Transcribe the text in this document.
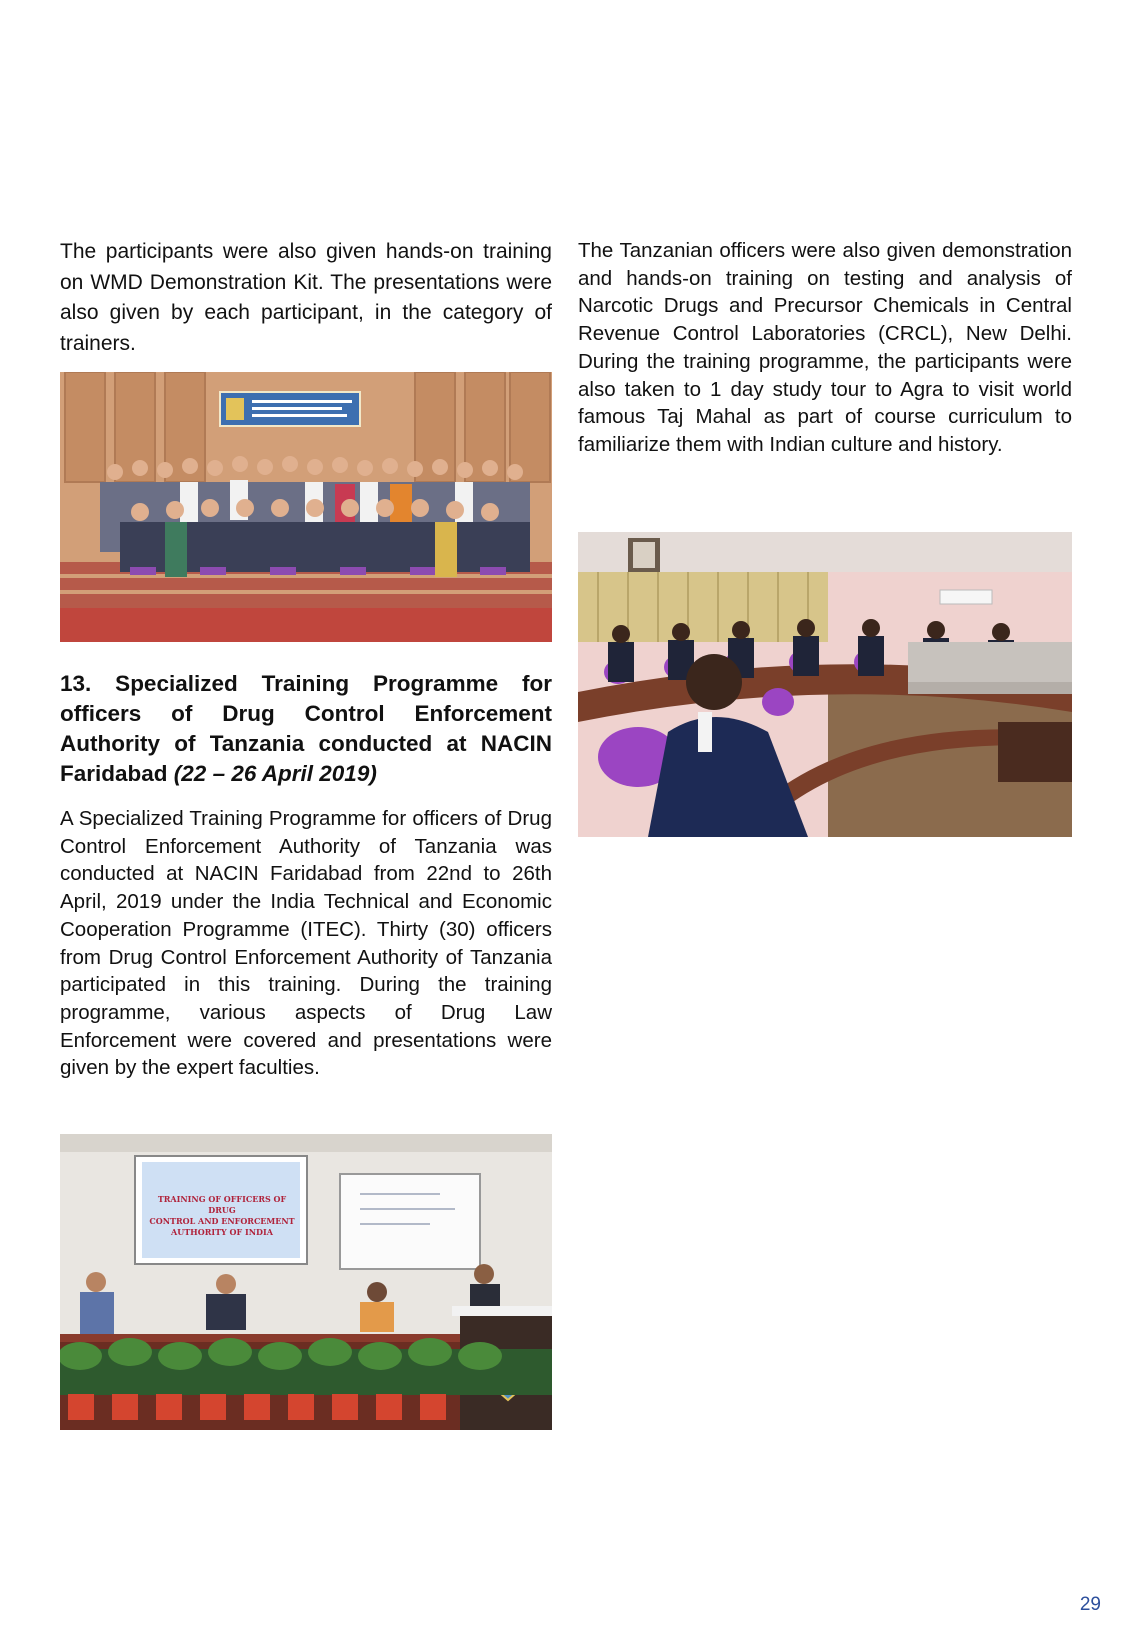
The participants were also given hands-on training on WMD Demonstration Kit. The presentations were also given by each participant, in the category of trainers.

13. Specialized Training Programme for officers of Drug Control Enforcement Authority of Tanzania conducted at NACIN Faridabad (22 – 26 April 2019)

A Specialized Training Programme for officers of Drug Control Enforcement Authority of Tanzania was conducted at NACIN Faridabad from 22nd to 26th April, 2019 under the India Technical and Economic Cooperation Programme (ITEC). Thirty (30) officers from Drug Control Enforcement Authority of Tanzania participated in this training. During the training programme, various aspects of Drug Law Enforcement were covered and presentations were given by the expert faculties.

TRAINING OF OFFICERS OF DRUG
CONTROL AND ENFORCEMENT
AUTHORITY OF INDIA

The Tanzanian officers were also given demonstration and hands-on training on testing and analysis of Narcotic Drugs and Precursor Chemicals in Central Revenue Control Laboratories (CRCL), New Delhi. During the training programme, the participants were also taken to 1 day study tour to Agra to visit world famous Taj Mahal as part of course curriculum to familiarize them with Indian culture and history.

29
